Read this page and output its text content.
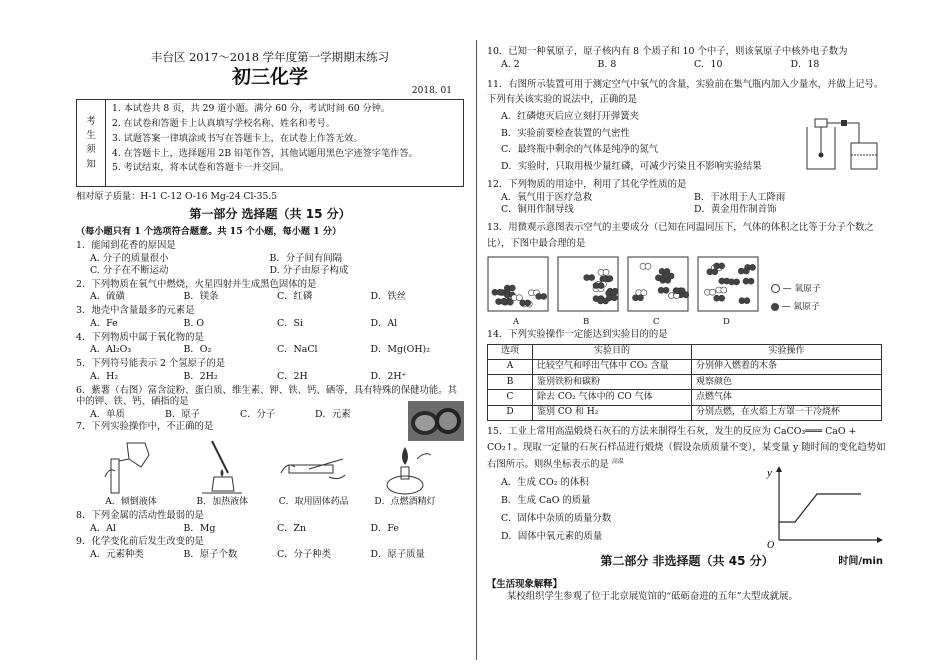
丰台区 2017～2018 学年度第一学期期末练习
初三化学
2018. 01
考
生
须
知
1. 本试卷共 8 页，共 29 道小题。满分 60 分，考试时间 60 分钟。
2. 在试卷和答题卡上认真填写学校名称、姓名和考号。
3. 试题答案一律填涂或书写在答题卡上，在试卷上作答无效。
4. 在答题卡上，选择题用 2B 铅笔作答，其他试题用黑色字迹签字笔作答。
5. 考试结束，将本试卷和答题卡一并交回。
相对原子质量：H-1 C-12 O-16 Mg-24 Cl-35.5
第一部分 选择题（共 15 分）
（每小题只有 1 个选项符合题意。共 15 个小题，每小题 1 分）
1．能闻到花香的原因是
A. 分子的质量很小	B．分子间有间隔
C. 分子在不断运动	D. 分子由原子构成
2．下列物质在氧气中燃烧，火星四射并生成黑色固体的是
A．硫磺	B．镁条	C．红磷	D．铁丝
3．地壳中含量最多的元素是
A．Fe	B. O	C．Si	D．Al
4．下列物质中属于氧化物的是
A．Al₂O₃	B．O₂	C．NaCl	D．Mg(OH)₂
5．下列符号能表示 2 个氢原子的是
A．H₂	B．2H₂	C．2H	D．2H⁺
6．紫薯（右图）富含淀粉、蛋白质、维生素、钾、铁、钙、硒等，具有特殊的保健功能。其中的钾、铁、钙、硒指的是
A．单质	B．原子	C．分子	D．元素
7．下列实验操作中，不正确的是
A．倾倒液体	B．加热液体	C．取用固体药品	D．点燃酒精灯
8．下列金属的活动性最弱的是
A．Al	B．Mg	C．Zn	D．Fe
9．化学变化前后发生改变的是
A．元素种类	B．原子个数	C．分子种类	D．原子质量
10．已知一种氧原子，原子核内有 8 个质子和 10 个中子，则该氧原子中核外电子数为
A. 2	B. 8	C．10	D．18
11．右图所示装置可用于测定空气中氧气的含量，实验前在集气瓶内加入少量水，并做上记号。下列有关该实验的说法中，正确的是
A．红磷熄灭后应立刻打开弹簧夹
B．实验前要检查装置的气密性
C．最终瓶中剩余的气体是纯净的氮气
D．实验时，只取用极少量红磷，可减少污染且不影响实验结果
12．下列物质的用途中，利用了其化学性质的是
A．氧气用于医疗急救	B．干冰用于人工降雨
C．铜用作制导线	D．黄金用作制首饰
13．用微观示意图表示空气的主要成分（已知在同温同压下，气体的体积之比等于分子个数之比），下图中最合理的是
A	B	C	D
— 氧原子
— 氮原子
14．下列实验操作一定能达到实验目的的是
选项	实验目的	实验操作
A	比较空气和呼出气体中 CO₂ 含量	分别伸入燃着的木条
B	鉴别铁粉和碳粉	观察颜色
C	除去 CO₂ 气体中的 CO 气体	点燃气体
D	鉴别 CO 和 H₂	分别点燃，在火焰上方罩一干冷烧杯
15．工业上常用高温煅烧石灰石的方法来制得生石灰，发生的反应为 CaCO₃═══ CaO + CO₂↑。现取一定量的石灰石样品进行煅烧（假设杂质质量不变），某变量 y 随时间的变化趋势如右图所示。则纵坐标表示的是 $^{高温}$
A．生成 CO₂ 的体积
B．生成 CaO 的质量
C．固体中杂质的质量分数
D．固体中氧元素的质量
y
O
时间/min
第二部分 非选择题（共 45 分）
【生活现象解释】
某校组织学生参观了位于北京展览馆的“砥砺奋进的五年”大型成就展。
